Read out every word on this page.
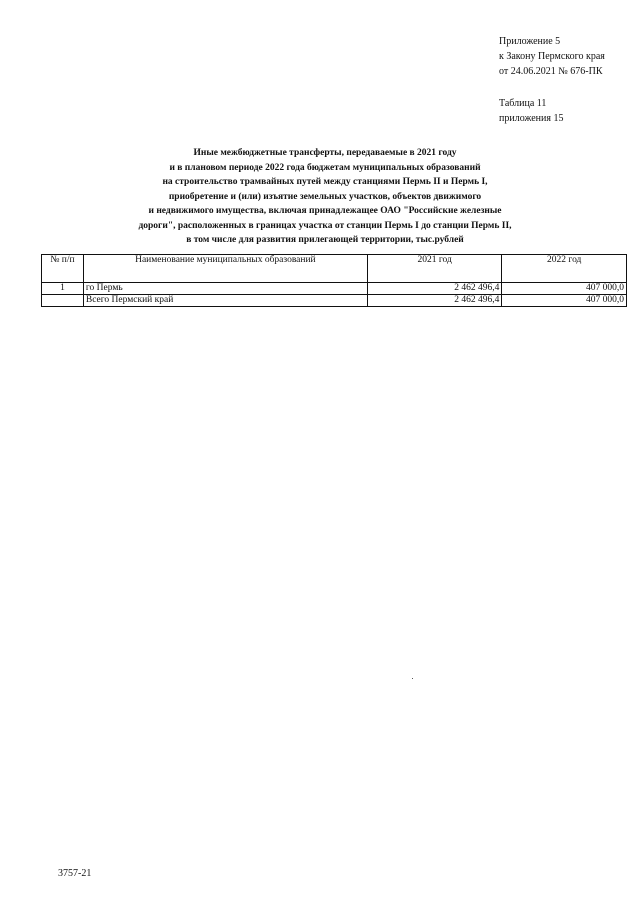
Приложение 5
к Закону Пермского края
от 24.06.2021 № 676-ПК
Таблица 11
приложения 15
Иные межбюджетные трансферты, передаваемые в 2021 году
и в плановом периоде 2022 года бюджетам муниципальных образований
на строительство трамвайных путей между станциями Пермь II и Пермь I,
приобретение и (или) изъятие земельных участков, объектов движимого
и недвижимого имущества, включая принадлежащее ОАО "Российские железные
дороги", расположенных в границах участка от станции Пермь I до станции Пермь II,
в том числе для развития прилегающей территории, тыс.рублей
№ п/п	Наименование муниципальных образований	2021 год	2022 год
1	го Пермь	2 462 496,4	407 000,0
	Всего Пермский край	2 462 496,4	407 000,0
3757-21
